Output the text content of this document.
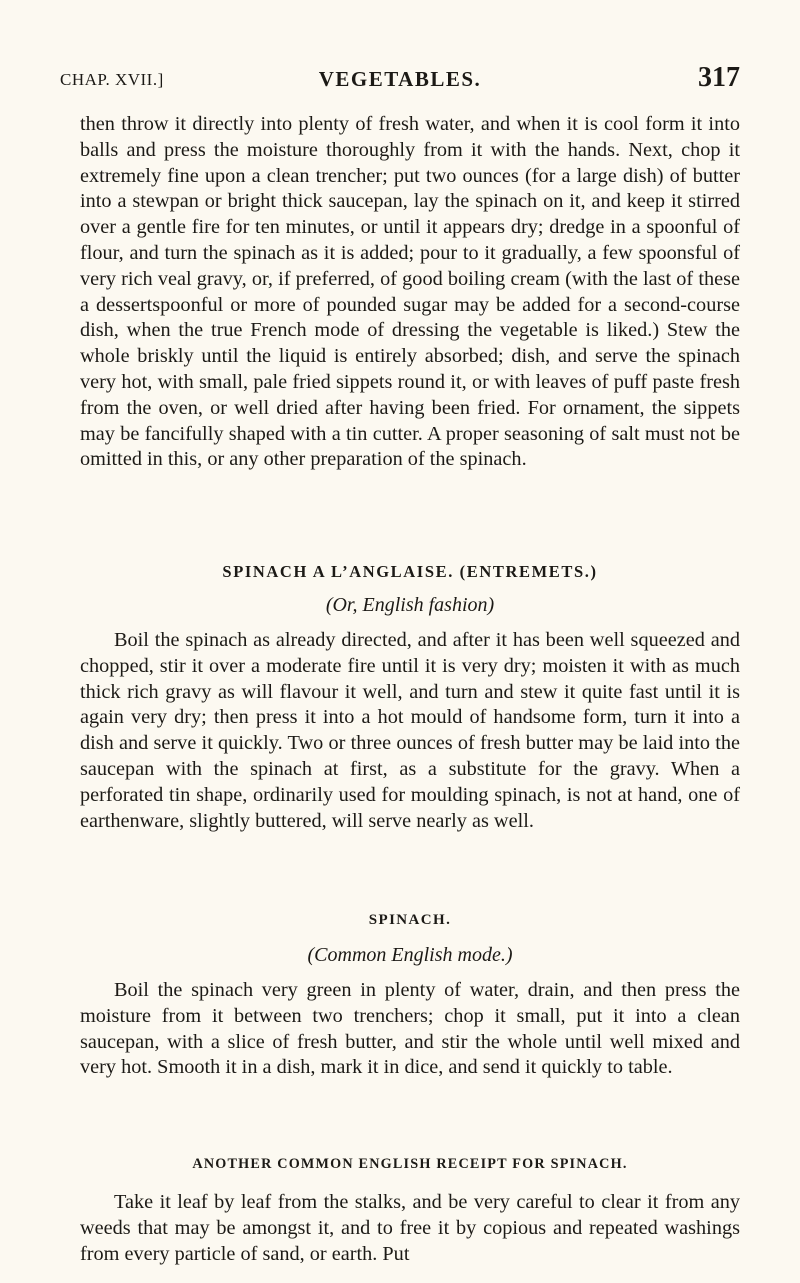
CHAP. XVII.]	VEGETABLES.	317

then throw it directly into plenty of fresh water, and when it is cool form it into balls and press the moisture thoroughly from it with the hands. Next, chop it extremely fine upon a clean trencher; put two ounces (for a large dish) of butter into a stewpan or bright thick saucepan, lay the spinach on it, and keep it stirred over a gentle fire for ten minutes, or until it appears dry; dredge in a spoonful of flour, and turn the spinach as it is added; pour to it gradually, a few spoonsful of very rich veal gravy, or, if preferred, of good boiling cream (with the last of these a dessertspoonful or more of pounded sugar may be added for a second-course dish, when the true French mode of dressing the vegetable is liked.) Stew the whole briskly until the liquid is entirely absorbed; dish, and serve the spinach very hot, with small, pale fried sippets round it, or with leaves of puff paste fresh from the oven, or well dried after having been fried. For ornament, the sippets may be fancifully shaped with a tin cutter. A proper seasoning of salt must not be omitted in this, or any other preparation of the spinach.

SPINACH A L’ANGLAISE. (ENTREMETS.)
(Or, English fashion)

Boil the spinach as already directed, and after it has been well squeezed and chopped, stir it over a moderate fire until it is very dry; moisten it with as much thick rich gravy as will flavour it well, and turn and stew it quite fast until it is again very dry; then press it into a hot mould of handsome form, turn it into a dish and serve it quickly. Two or three ounces of fresh butter may be laid into the saucepan with the spinach at first, as a substitute for the gravy. When a perforated tin shape, ordinarily used for moulding spinach, is not at hand, one of earthenware, slightly buttered, will serve nearly as well.

SPINACH.
(Common English mode.)

Boil the spinach very green in plenty of water, drain, and then press the moisture from it between two trenchers; chop it small, put it into a clean saucepan, with a slice of fresh butter, and stir the whole until well mixed and very hot. Smooth it in a dish, mark it in dice, and send it quickly to table.

ANOTHER COMMON ENGLISH RECEIPT FOR SPINACH.

Take it leaf by leaf from the stalks, and be very careful to clear it from any weeds that may be amongst it, and to free it by copious and repeated washings from every particle of sand, or earth. Put
